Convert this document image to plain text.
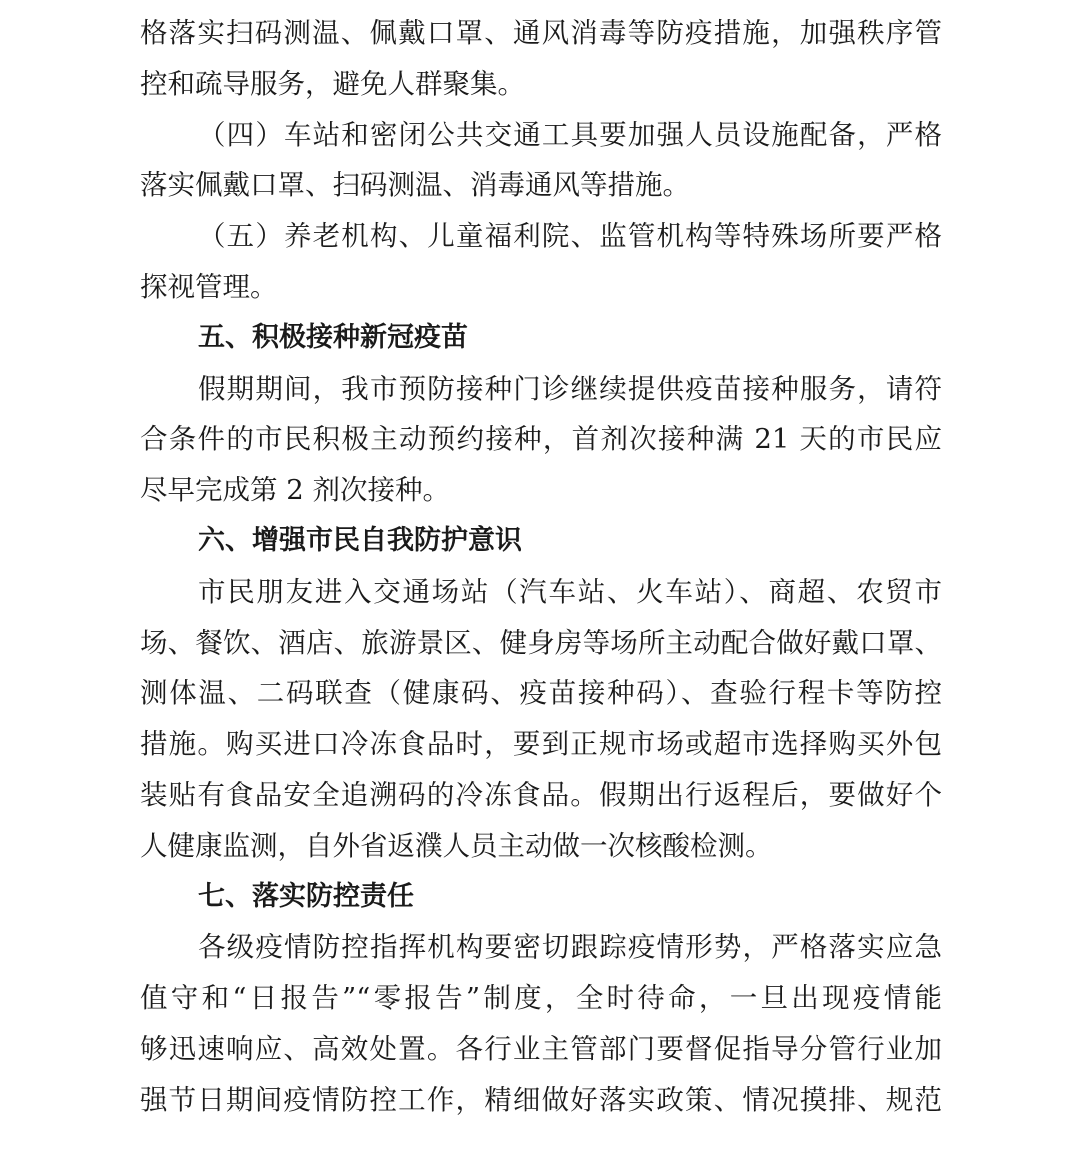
格落实扫码测温、佩戴口罩、通风消毒等防疫措施，加强秩序管
控和疏导服务，避免人群聚集。
（四）车站和密闭公共交通工具要加强人员设施配备，严格
落实佩戴口罩、扫码测温、消毒通风等措施。
（五）养老机构、儿童福利院、监管机构等特殊场所要严格
探视管理。
五、积极接种新冠疫苗
假期期间，我市预防接种门诊继续提供疫苗接种服务，请符
合条件的市民积极主动预约接种，首剂次接种满 21 天的市民应
尽早完成第 2 剂次接种。
六、增强市民自我防护意识
市民朋友进入交通场站（汽车站、火车站）、商超、农贸市
场、餐饮、酒店、旅游景区、健身房等场所主动配合做好戴口罩、
测体温、二码联查（健康码、疫苗接种码）、查验行程卡等防控
措施。购买进口冷冻食品时，要到正规市场或超市选择购买外包
装贴有食品安全追溯码的冷冻食品。假期出行返程后，要做好个
人健康监测，自外省返濮人员主动做一次核酸检测。
七、落实防控责任
各级疫情防控指挥机构要密切跟踪疫情形势，严格落实应急
值守和“日报告”“零报告”制度，全时待命，一旦出现疫情能
够迅速响应、高效处置。各行业主管部门要督促指导分管行业加
强节日期间疫情防控工作，精细做好落实政策、情况摸排、规范
